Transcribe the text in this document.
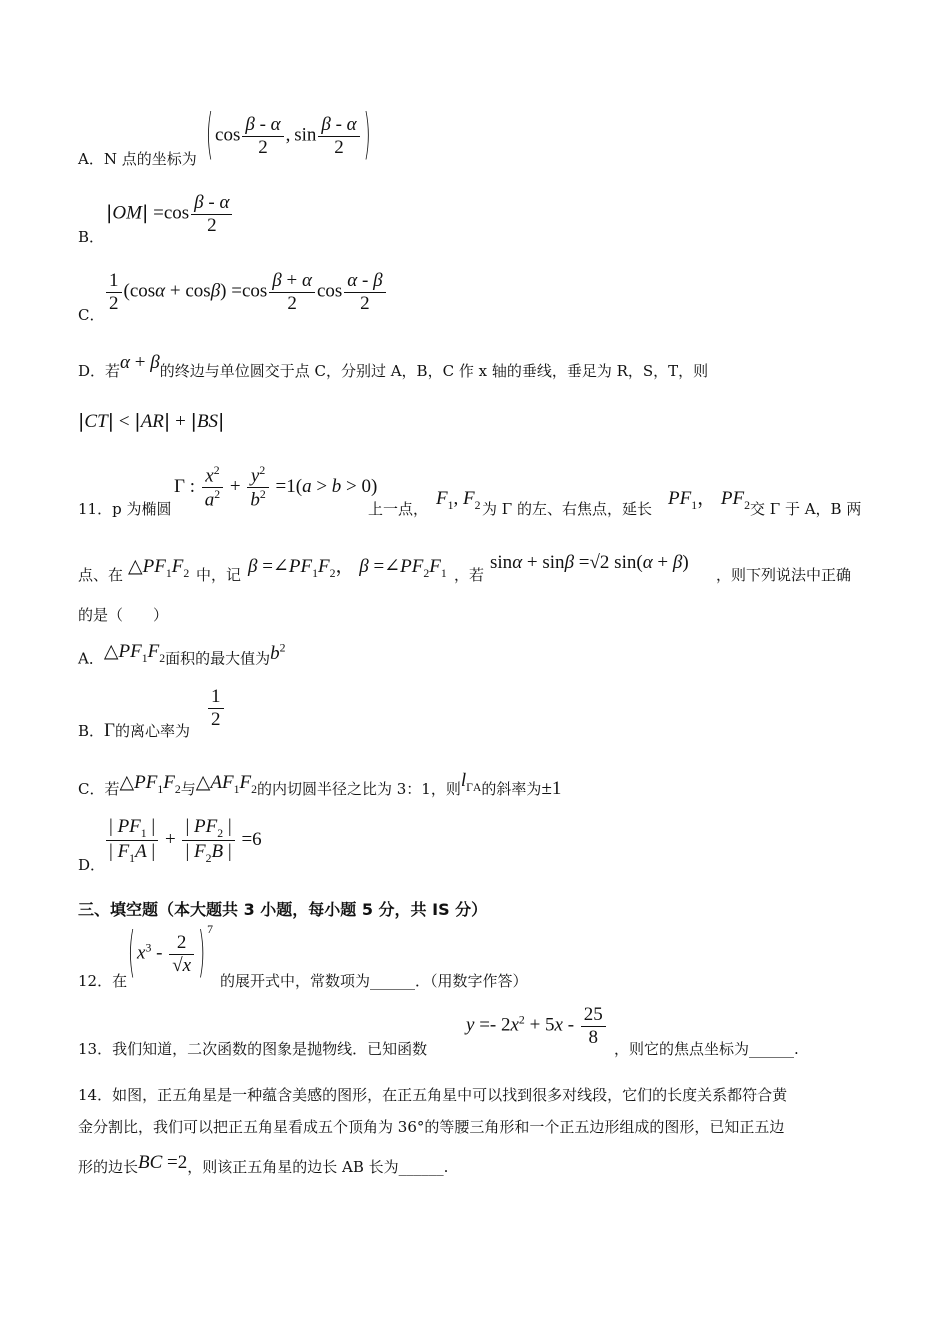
A．N 点的坐标为 ( $\cos \frac{\beta - \alpha}{2}$ , $\sin \frac{\beta - \alpha}{2}$ )
B．
$|OM| =\cos \frac{\beta - \alpha}{2}$
C．
$\frac{1}{2} (\cos\alpha + \cos\beta) =\cos \frac{\beta + \alpha}{2}$ $\cos \frac{\alpha - \beta}{2}$
D．若α + β的终边与单位圆交于点 C，分别过 A，B，C 作 x 轴的垂线，垂足为 R，S，T，则
|CT| < |AR| + |BS|
11．p 为椭圆
Γ : $\frac{x^2}{a^2} + \frac{y^2}{b^2} =1(a > b > 0)$
上一点， $F_1$, $F_2$ 为 Γ 的左、右焦点，延长 $PF_1$， $PF_2$ 交 Γ 于 A，B 两
点、在 $\triangle PF_1F_2$ 中，记 $\beta =\angle PF_1F_2$， $\beta =\angle PF_2F_1$ ，若
sinα + sinβ =√2 sin(α + β)
，则下列说法中正确
的是（　　）
A．$\triangle PF_1F_2$面积的最大值为$b^2$
B．Γ的离心率为
$\frac{1}{2}$
C．若$\triangle PF_1F_2$与$\triangle AF_1F_2$的内切圆半径之比为 3：1，则$l_{\Gamma A}$的斜率为±1
D． $\frac{| PF_1 |}{| F_1A |} + \frac{| PF_2 |}{| F_2B |} =6$
三、填空题（本大题共 3 小题，每小题 5 分，共 IS 分）
12．在 ( $x^3 - \frac{2}{√x}$ ) $^7$
的展开式中，常数项为______．（用数字作答）
13．我们知道，二次函数的图象是抛物线．已知函数
$y =- 2x^2 + 5x - \frac{25}{8}$
，则它的焦点坐标为______.
14．如图，正五角星是一种蕴含美感的图形，在正五角星中可以找到很多对线段，它们的长度关系都符合黄
金分割比，我们可以把正五角星看成五个顶角为 36°的等腰三角形和一个正五边形组成的图形，已知正五边
形的边长BC =2，则该正五角星的边长 AB 长为______.
